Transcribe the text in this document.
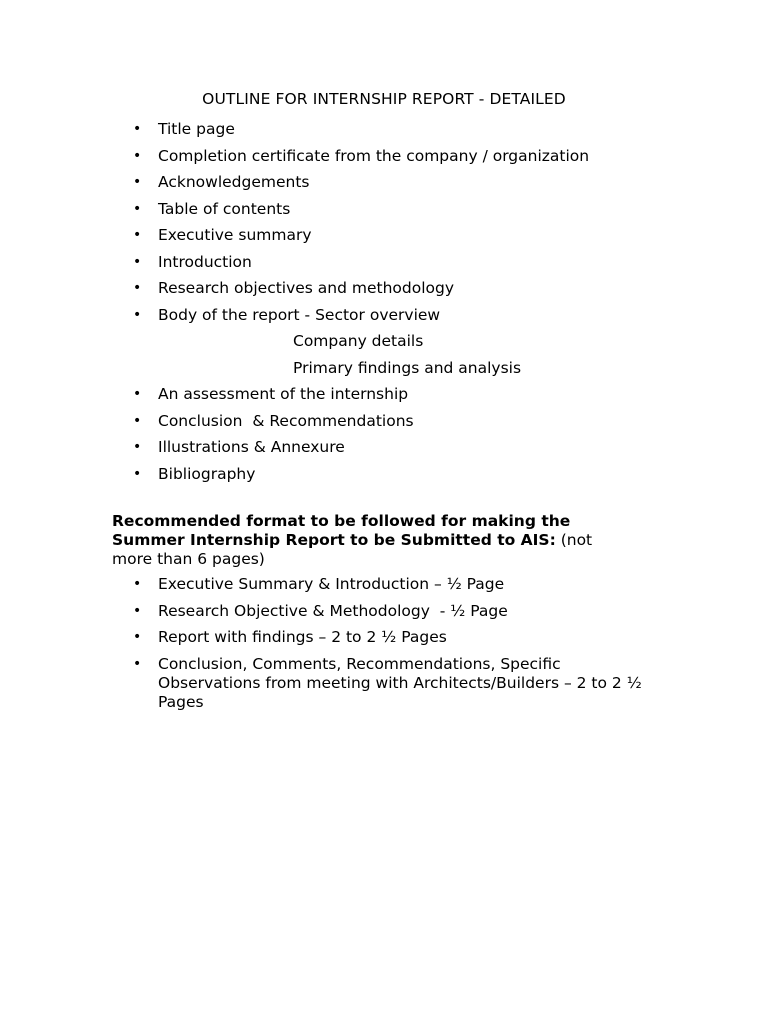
OUTLINE FOR INTERNSHIP REPORT - DETAILED
• Title page
• Completion certificate from the company / organization
• Acknowledgements
• Table of contents
• Executive summary
• Introduction
• Research objectives and methodology
• Body of the report - Sector overview
Company details
Primary findings and analysis
• An assessment of the internship
• Conclusion  & Recommendations
• Illustrations & Annexure
• Bibliography
Recommended format to be followed for making the Summer Internship Report to be Submitted to AIS: (not more than 6 pages)
• Executive Summary & Introduction – ½ Page
• Research Objective & Methodology  - ½ Page
• Report with findings – 2 to 2 ½ Pages
• Conclusion, Comments, Recommendations, Specific Observations from meeting with Architects/Builders – 2 to 2 ½ Pages
